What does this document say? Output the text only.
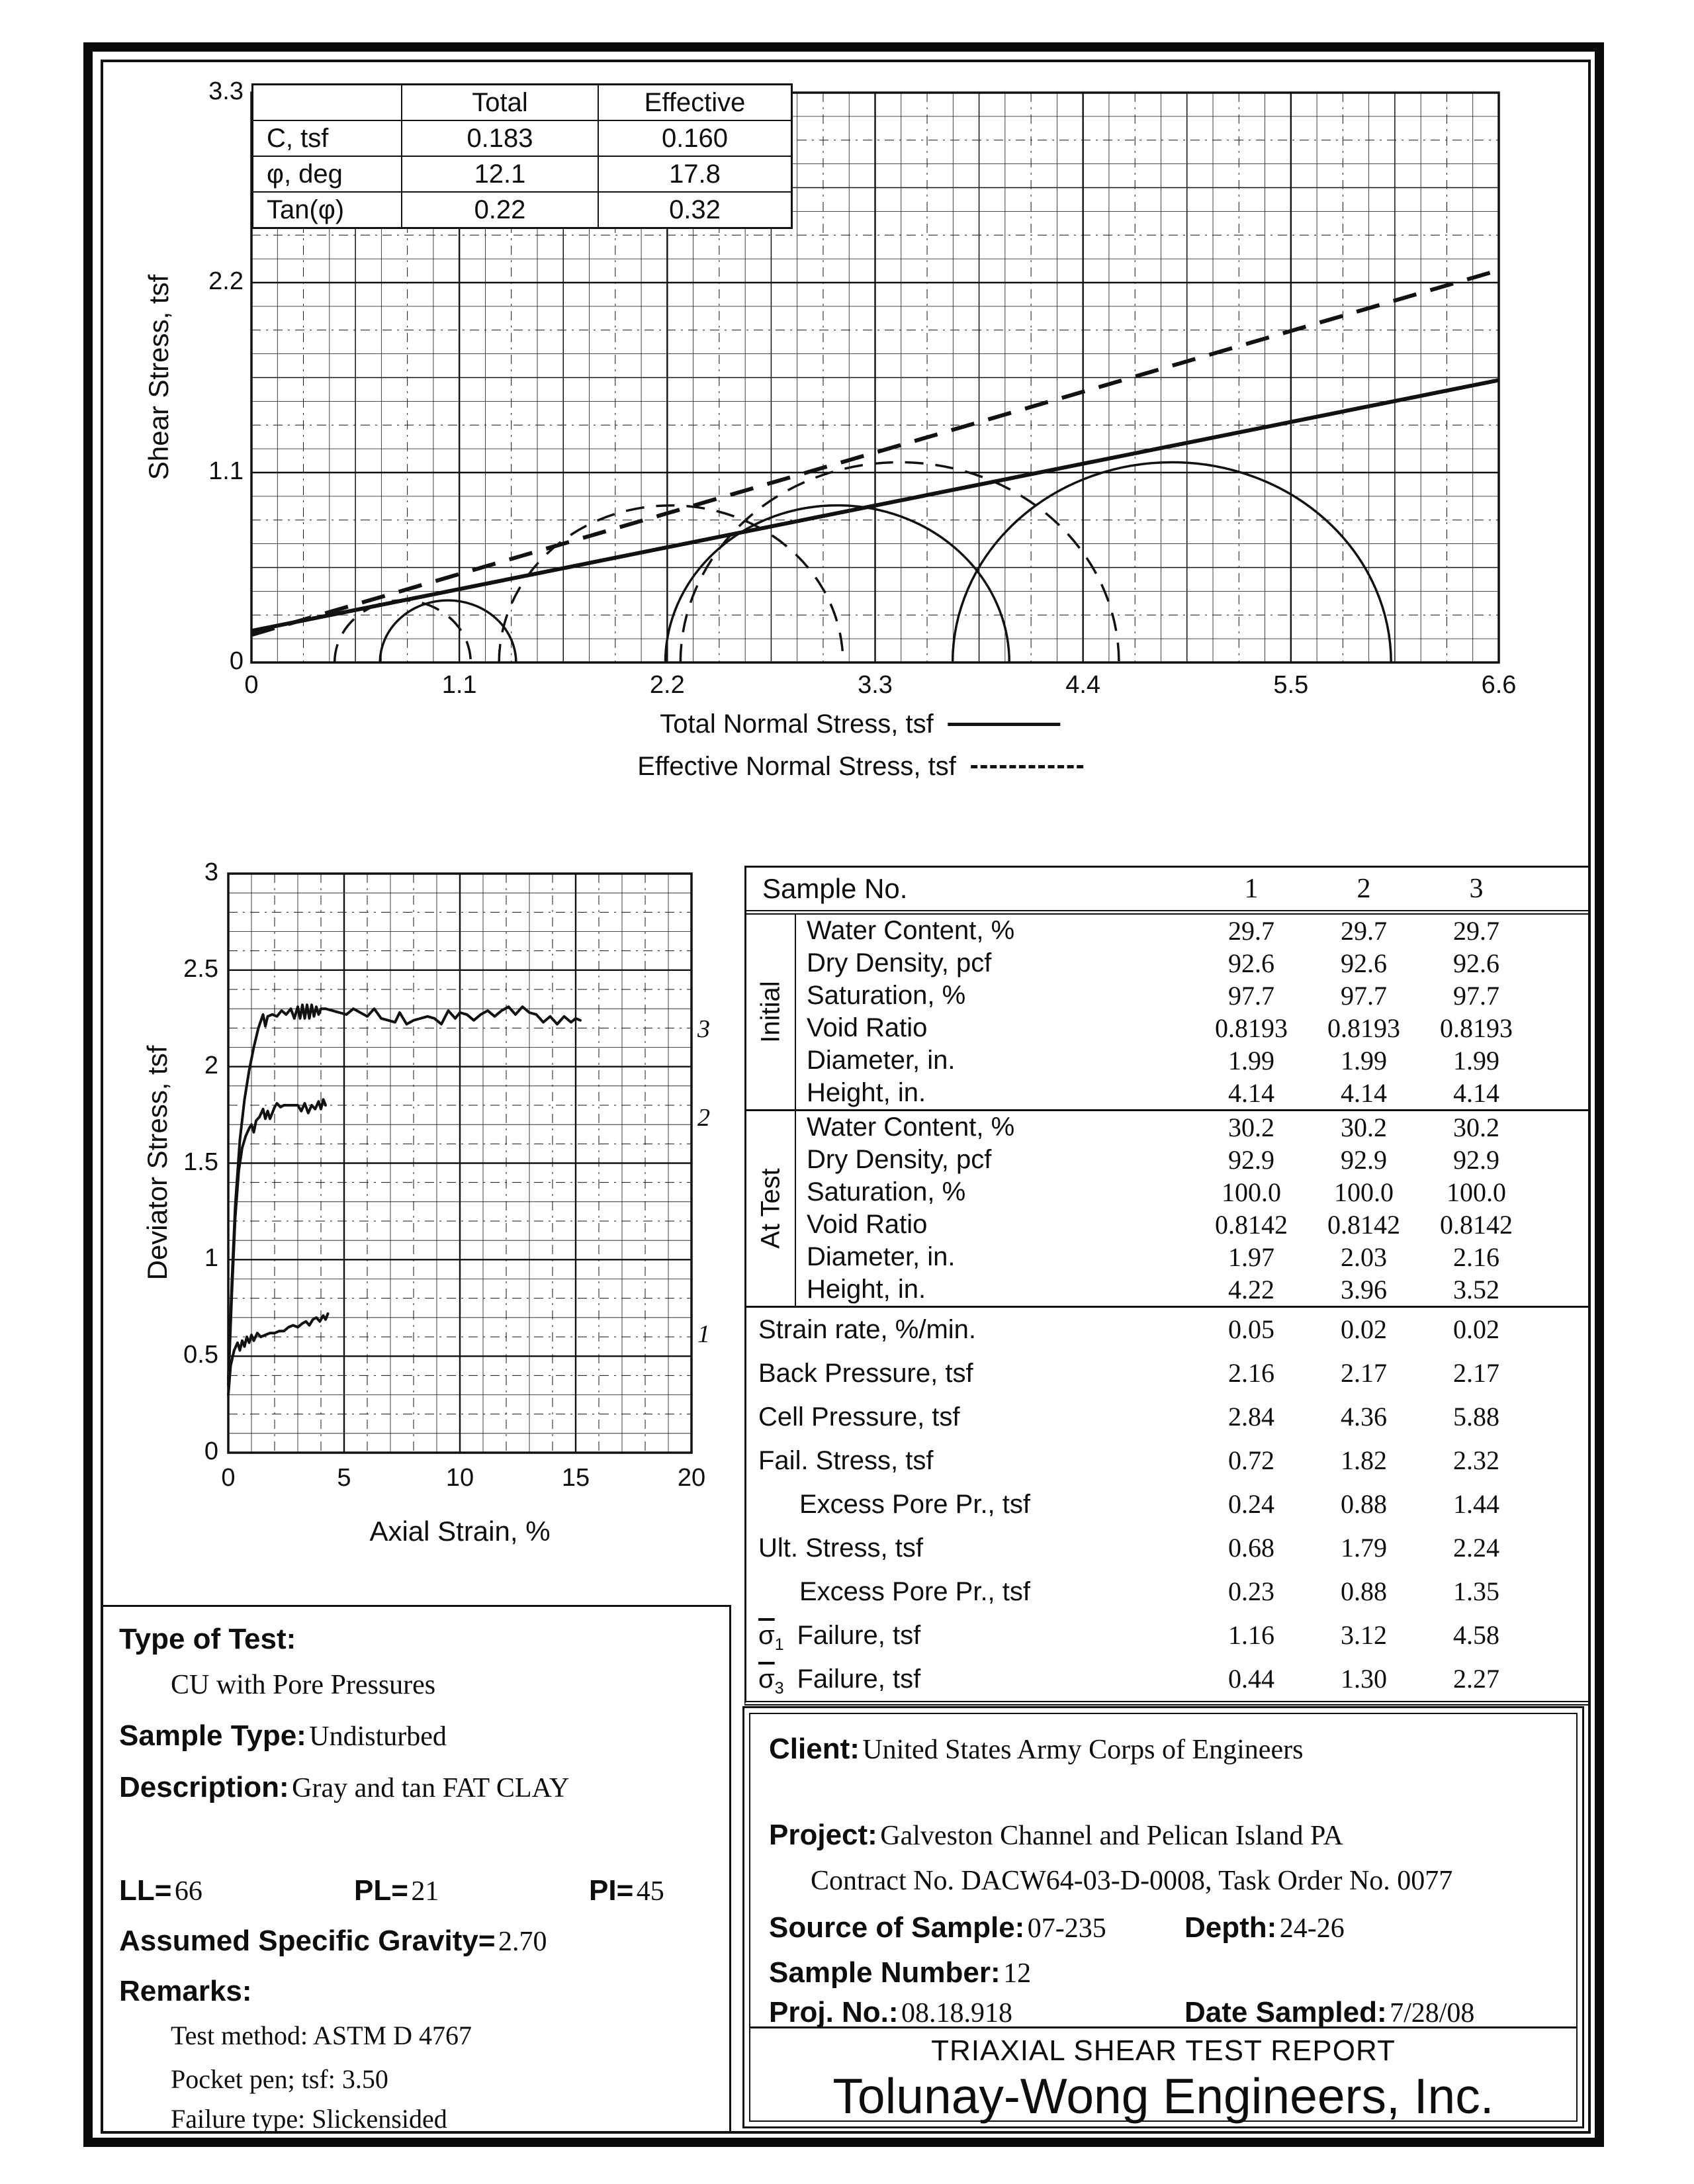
Shear Stress, tsf
Total	Effective
C, tsf	0.183	0.160
φ, deg	12.1	17.8
Tan(φ)	0.22	0.32
0	1.1	2.2	3.3	4.4	5.5	6.6
0
1.1
2.2
3.3
Total Normal Stress, tsf
Effective Normal Stress, tsf
Deviator Stress, tsf
Axial Strain, %
0	5	10	15	20
0
0.5
1
1.5
2
2.5
3
1
2
3
Sample No.	1	2	3
Initial
Water Content, %	29.7	29.7	29.7
Dry Density, pcf	92.6	92.6	92.6
Saturation, %	97.7	97.7	97.7
Void Ratio	0.8193	0.8193	0.8193
Diameter, in.	1.99	1.99	1.99
Height, in.	4.14	4.14	4.14
At Test
Water Content, %	30.2	30.2	30.2
Dry Density, pcf	92.9	92.9	92.9
Saturation, %	100.0	100.0	100.0
Void Ratio	0.8142	0.8142	0.8142
Diameter, in.	1.97	2.03	2.16
Height, in.	4.22	3.96	3.52
Strain rate, %/min.	0.05	0.02	0.02
Back Pressure, tsf	2.16	2.17	2.17
Cell Pressure, tsf	2.84	4.36	5.88
Fail. Stress, tsf	0.72	1.82	2.32
Excess Pore Pr., tsf	0.24	0.88	1.44
Ult. Stress, tsf	0.68	1.79	2.24
Excess Pore Pr., tsf	0.23	0.88	1.35
$\overline{\sigma}_1$ Failure, tsf	1.16	3.12	4.58
$\overline{\sigma}_3$ Failure, tsf	0.44	1.30	2.27
Type of Test:
CU with Pore Pressures
Sample Type: Undisturbed
Description: Gray and tan FAT CLAY
LL= 66	PL= 21	PI= 45
Assumed Specific Gravity= 2.70
Remarks:
Test method: ASTM D 4767
Pocket pen; tsf: 3.50
Failure type: Slickensided
Client: United States Army Corps of Engineers
Project: Galveston Channel and Pelican Island PA
Contract No. DACW64-03-D-0008, Task Order No. 0077
Source of Sample: 07-235	Depth: 24-26
Sample Number: 12
Proj. No.: 08.18.918	Date Sampled: 7/28/08
TRIAXIAL SHEAR TEST REPORT
Tolunay-Wong Engineers, Inc.
